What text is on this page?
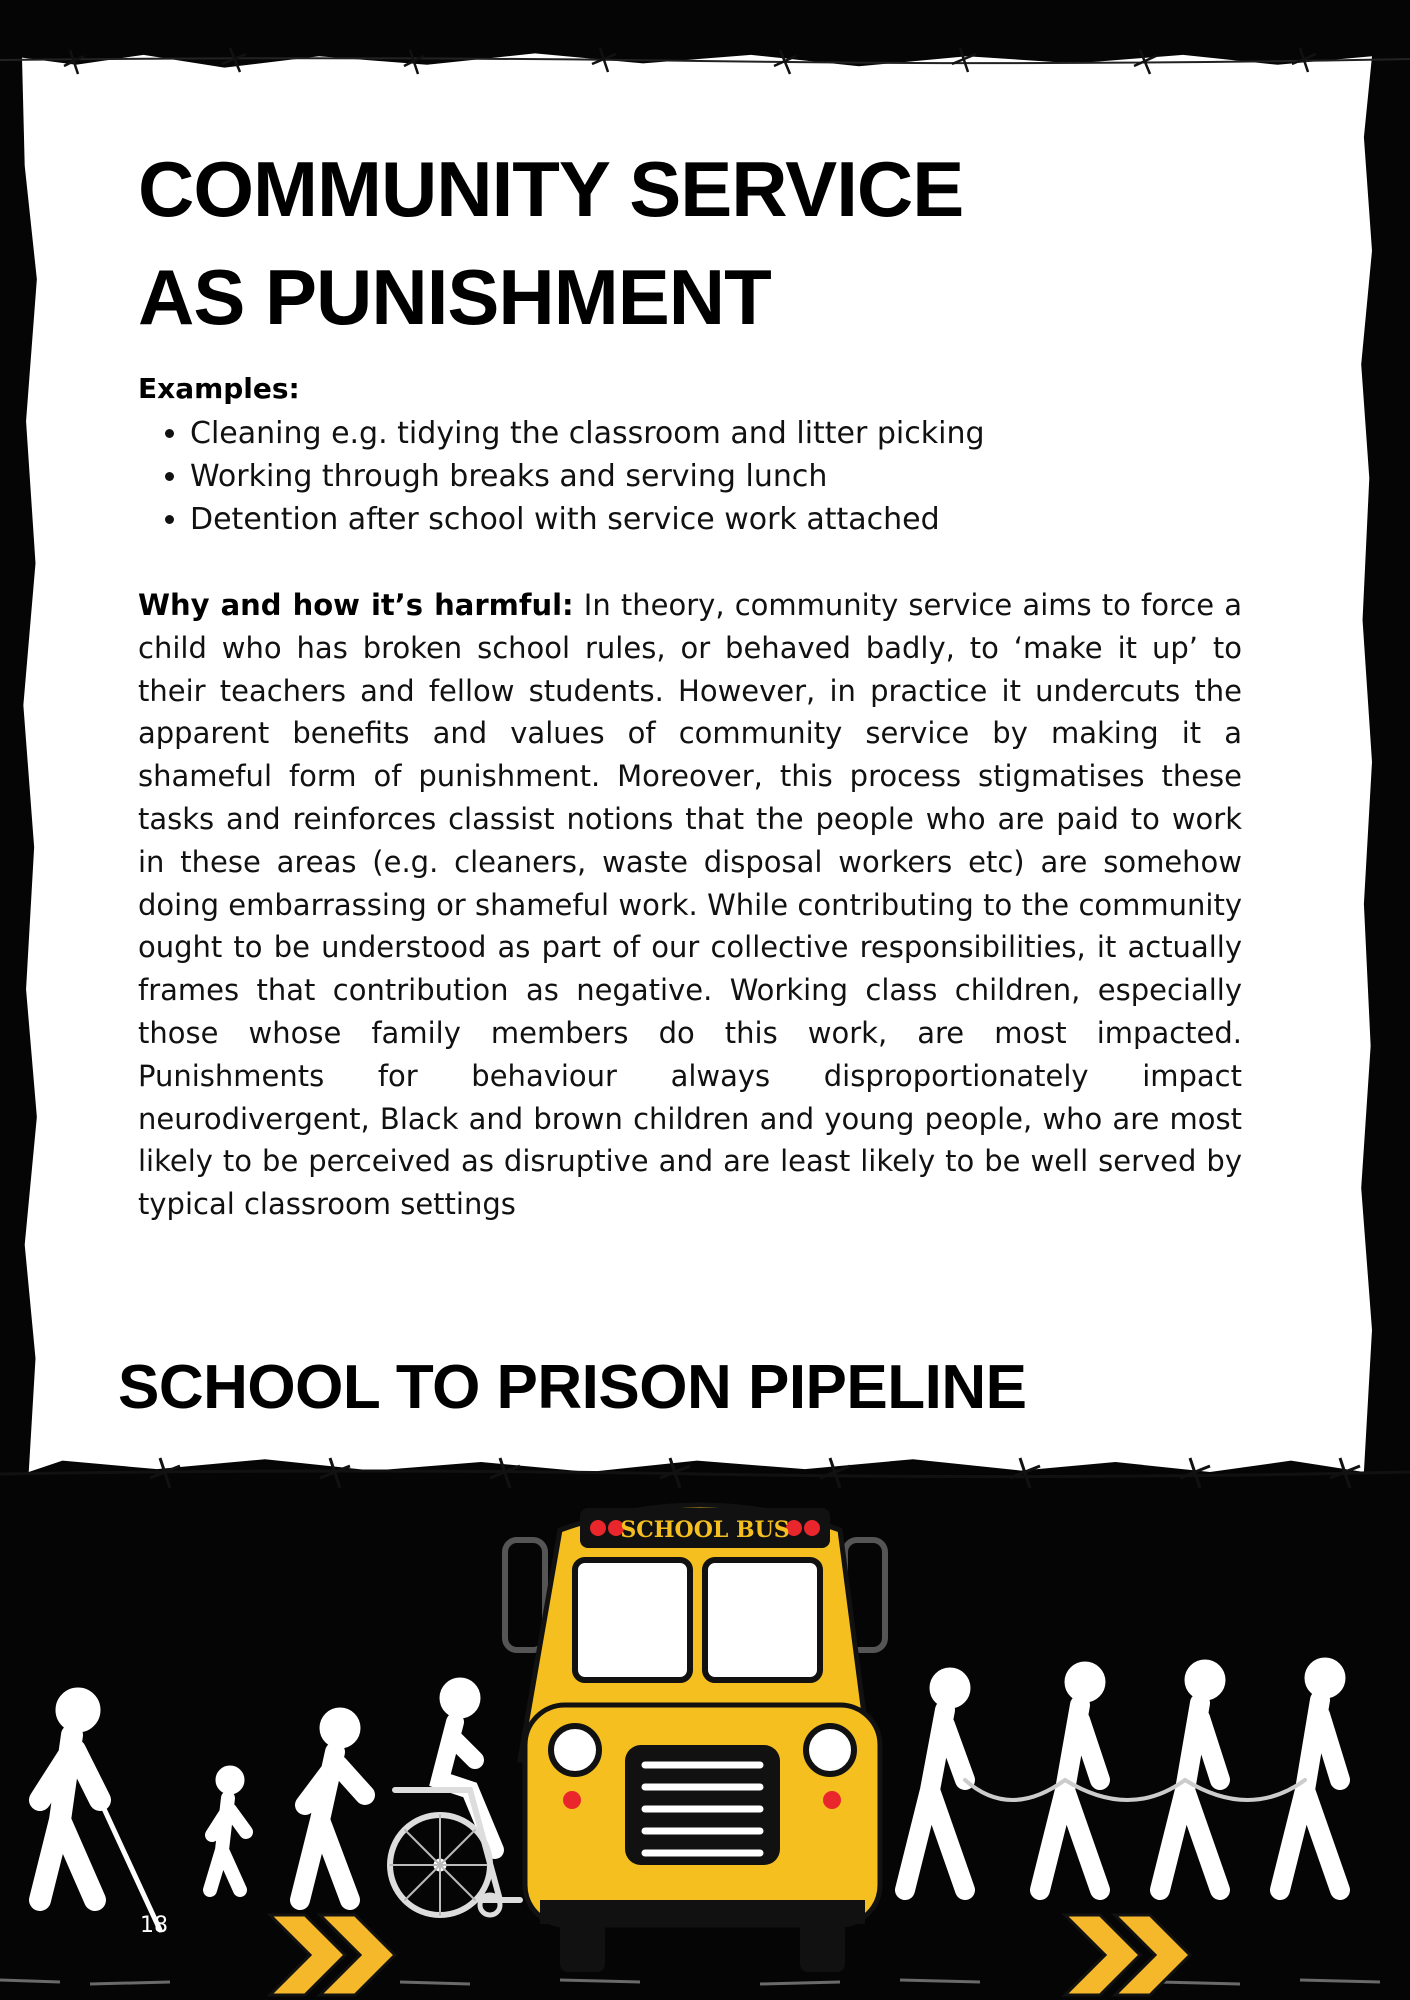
COMMUNITY SERVICE
AS PUNISHMENT

Examples:

• Cleaning e.g. tidying the classroom and litter picking
• Working through breaks and serving lunch
• Detention after school with service work attached

Why and how it’s harmful: In theory, community service aims to force a child who has broken school rules, or behaved badly, to ‘make it up’ to their teachers and fellow students. However, in practice it undercuts the apparent benefits and values of community service by making it a shameful form of punishment. Moreover, this process stigmatises these tasks and reinforces classist notions that the people who are paid to work in these areas (e.g. cleaners, waste disposal workers etc) are somehow doing embarrassing or shameful work. While contributing to the community ought to be understood as part of our collective responsibilities, it actually frames that contribution as negative. Working class children, especially those whose family members do this work, are most impacted. Punishments for behaviour always disproportionately impact neurodivergent, Black and brown children and young people, who are most likely to be perceived as disruptive and are least likely to be well served by typical classroom settings

SCHOOL TO PRISON PIPELINE
SCHOOL BUS

18
